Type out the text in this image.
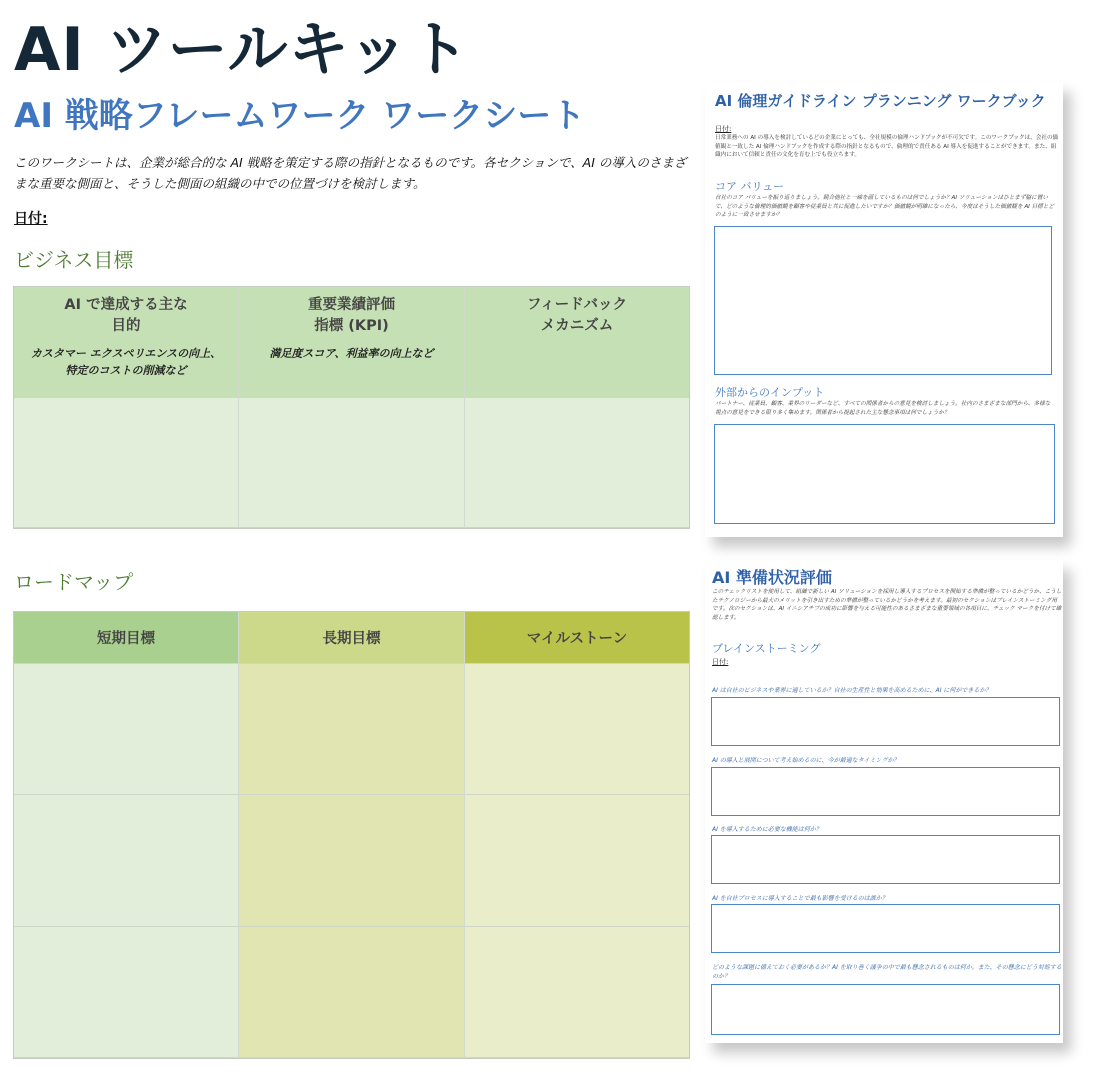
AI ツールキット
AI 戦略フレームワーク ワークシート
このワークシートは、企業が総合的な AI 戦略を策定する際の指針となるものです。各セクションで、AI の導入のさまざまな重要な側面と、そうした側面の組織の中での位置づけを検討します。
日付:
ビジネス目標
AI で達成する主な
目的
カスタマー エクスペリエンスの向上、
特定のコストの削減など
重要業績評価
指標 (KPI)
満足度スコア、利益率の向上など
フィードバック
メカニズム
ロードマップ
短期目標	長期目標	マイルストーン
AI 倫理ガイドライン プランニング ワークブック
日付:
日常業務への AI の導入を検討しているどの企業にとっても、全社規模の倫理ハンドブックが不可欠です。このワークブックは、会社の価値観と一致した AI 倫理ハンドブックを作成する際の指針となるもので、倫理的で責任ある AI 導入を促進することができます。また、組織内において信頼と責任の文化を育む上でも役立ちます。
コア バリュー
自社のコア バリューを振り返りましょう。競合他社と一線を画しているものは何でしょうか？AI ソリューションはひとまず脇に置いて、どのような倫理的価値観を顧客や従業員と共に促進したいですか？価値観が明確になったら、今度はそうした価値観を AI 目標とどのように一致させますか？
外部からのインプット
パートナー、従業員、顧客、業界のリーダーなど、すべての関係者からの意見を検討しましょう。社内のさまざまな部門から、多様な視点の意見をできる限り多く集めます。関係者から提起された主な懸念事項は何でしょうか？
AI 準備状況評価
このチェックリストを使用して、組織で新しい AI ソリューションを採用し導入するプロセスを開始する準備が整っているかどうか、こうしたテクノロジーから最大のメリットを引き出すための準備が整っているかどうかを考えます。最初のセクションはブレインストーミング用です。次のセクションは、AI イニシアチブの成功に影響を与える可能性のあるさまざまな重要領域の各項目に、チェック マークを付けて確認します。
ブレインストーミング
日付:
AI は自社のビジネスや業界に適しているか？自社の生産性と効果を高めるために、AI に何ができるか？
AI の導入と展開について考え始めるのに、今が最適なタイミングか？
AI を導入するために必要な機能は何か？
AI を自社プロセスに導入することで最も影響を受けるのは誰か？
どのような課題に備えておく必要があるか？AI を取り巻く議争の中で最も懸念されるものは何か。また、その懸念にどう対処するのか？
